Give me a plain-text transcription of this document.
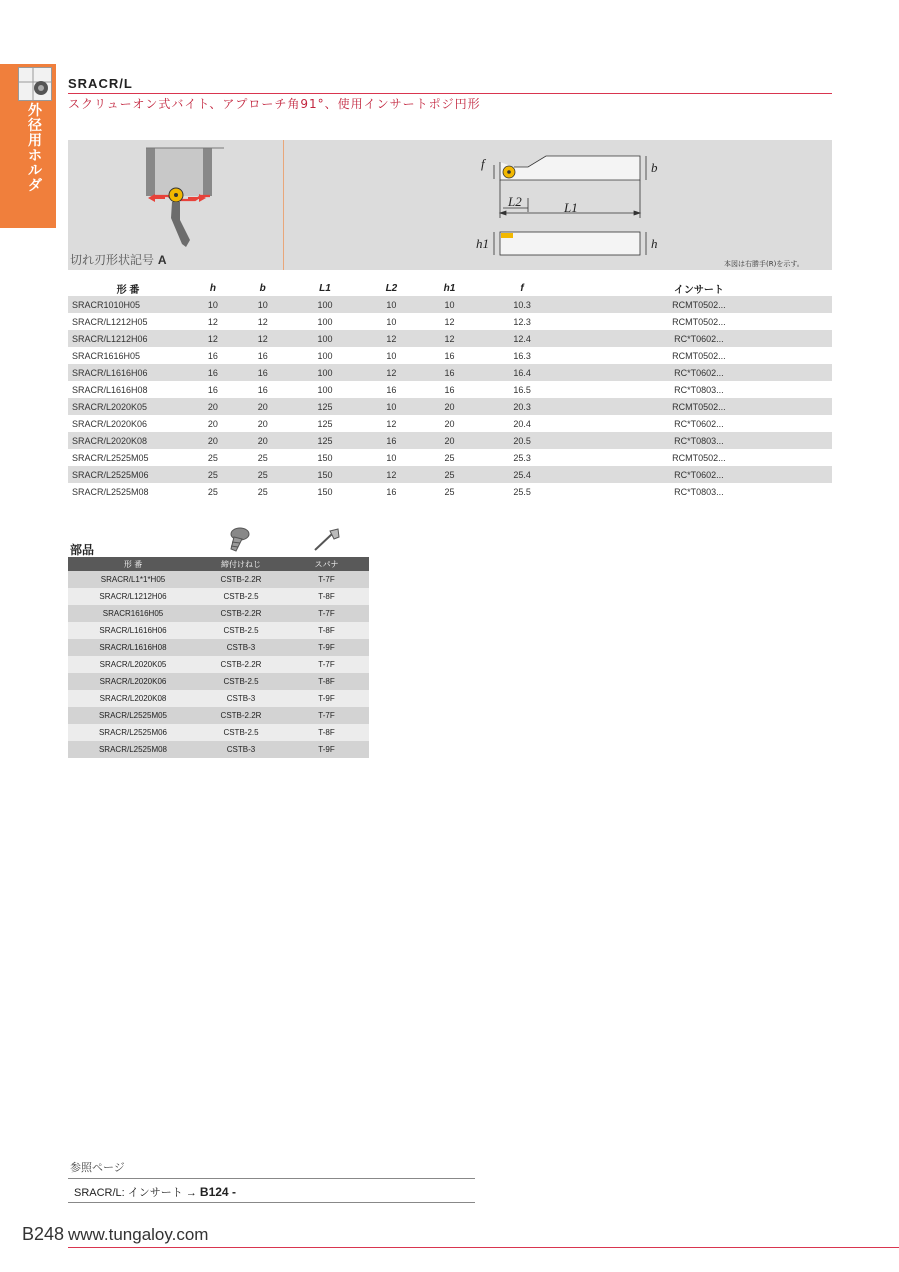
外径用ホルダ
SRACR/L
スクリューオン式バイト、アプローチ角91°、使用インサートポジ円形
f	b
L2	L1
h1	h
切れ刃形状記号 A	本図は右勝手(R)を示す。
形 番	h	b	L1	L2	h1	f	インサート
SRACR1010H05	10	10	100	10	10	10.3	RCMT0502...
SRACR/L1212H05	12	12	100	10	12	12.3	RCMT0502...
SRACR/L1212H06	12	12	100	12	12	12.4	RC*T0602...
SRACR1616H05	16	16	100	10	16	16.3	RCMT0502...
SRACR/L1616H06	16	16	100	12	16	16.4	RC*T0602...
SRACR/L1616H08	16	16	100	16	16	16.5	RC*T0803...
SRACR/L2020K05	20	20	125	10	20	20.3	RCMT0502...
SRACR/L2020K06	20	20	125	12	20	20.4	RC*T0602...
SRACR/L2020K08	20	20	125	16	20	20.5	RC*T0803...
SRACR/L2525M05	25	25	150	10	25	25.3	RCMT0502...
SRACR/L2525M06	25	25	150	12	25	25.4	RC*T0602...
SRACR/L2525M08	25	25	150	16	25	25.5	RC*T0803...
部品
形 番	締付けねじ	スパナ
SRACR/L1*1*H05	CSTB-2.2R	T-7F
SRACR/L1212H06	CSTB-2.5	T-8F
SRACR1616H05	CSTB-2.2R	T-7F
SRACR/L1616H06	CSTB-2.5	T-8F
SRACR/L1616H08	CSTB-3	T-9F
SRACR/L2020K05	CSTB-2.2R	T-7F
SRACR/L2020K06	CSTB-2.5	T-8F
SRACR/L2020K08	CSTB-3	T-9F
SRACR/L2525M05	CSTB-2.2R	T-7F
SRACR/L2525M06	CSTB-2.5	T-8F
SRACR/L2525M08	CSTB-3	T-9F
参照ページ
SRACR/L: インサート → B124 -
B248 www.tungaloy.com
